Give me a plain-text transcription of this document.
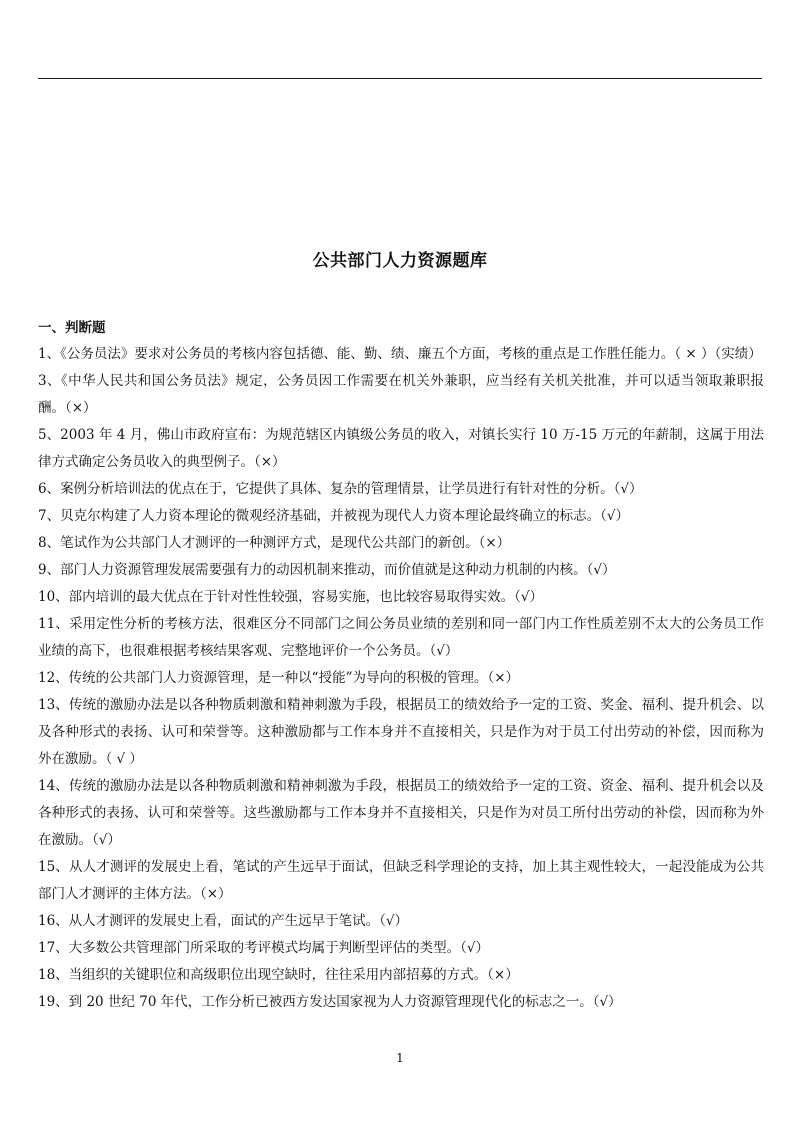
公共部门人力资源题库
一、判断题
1、《公务员法》要求对公务员的考核内容包括德、能、勤、绩、廉五个方面，考核的重点是工作胜任能力。（ × ）（实绩）
3、《中华人民共和国公务员法》规定，公务员因工作需要在机关外兼职，应当经有关机关批准，并可以适当领取兼职报酬。（×）
5、2003 年 4 月，佛山市政府宣布：为规范辖区内镇级公务员的收入，对镇长实行 10 万-15 万元的年薪制，这属于用法律方式确定公务员收入的典型例子。（×）
6、案例分析培训法的优点在于，它提供了具体、复杂的管理情景，让学员进行有针对性的分析。（√）
7、贝克尔构建了人力资本理论的微观经济基础，并被视为现代人力资本理论最终确立的标志。（√）
8、笔试作为公共部门人才测评的一种测评方式，是现代公共部门的新创。（×）
9、部门人力资源管理发展需要强有力的动因机制来推动，而价值就是这种动力机制的内核。（√）
10、部内培训的最大优点在于针对性性较强，容易实施，也比较容易取得实效。（√）
11、采用定性分析的考核方法，很难区分不同部门之间公务员业绩的差别和同一部门内工作性质差别不太大的公务员工作业绩的高下，也很难根据考核结果客观、完整地评价一个公务员。（√）
12、传统的公共部门人力资源管理，是一种以“授能”为导向的积极的管理。（×）
13、传统的激励办法是以各种物质刺激和精神刺激为手段，根据员工的绩效给予一定的工资、奖金、福利、提升机会、以及各种形式的表扬、认可和荣誉等。这种激励都与工作本身并不直接相关，只是作为对于员工付出劳动的补偿，因而称为外在激励。（ √ ）
14、传统的激励办法是以各种物质刺激和精神刺激为手段，根据员工的绩效给予一定的工资、资金、福利、提升机会以及各种形式的表扬、认可和荣誉等。这些激励都与工作本身并不直接相关，只是作为对员工所付出劳动的补偿，因而称为外在激励。（√）
15、从人才测评的发展史上看，笔试的产生远早于面试，但缺乏科学理论的支持，加上其主观性较大，一起没能成为公共部门人才测评的主体方法。（×）
16、从人才测评的发展史上看，面试的产生远早于笔试。（√）
17、大多数公共管理部门所采取的考评模式均属于判断型评估的类型。（√）
18、当组织的关键职位和高级职位出现空缺时，往往采用内部招募的方式。（×）
19、到 20 世纪 70 年代，工作分析已被西方发达国家视为人力资源管理现代化的标志之一。（√）
1
